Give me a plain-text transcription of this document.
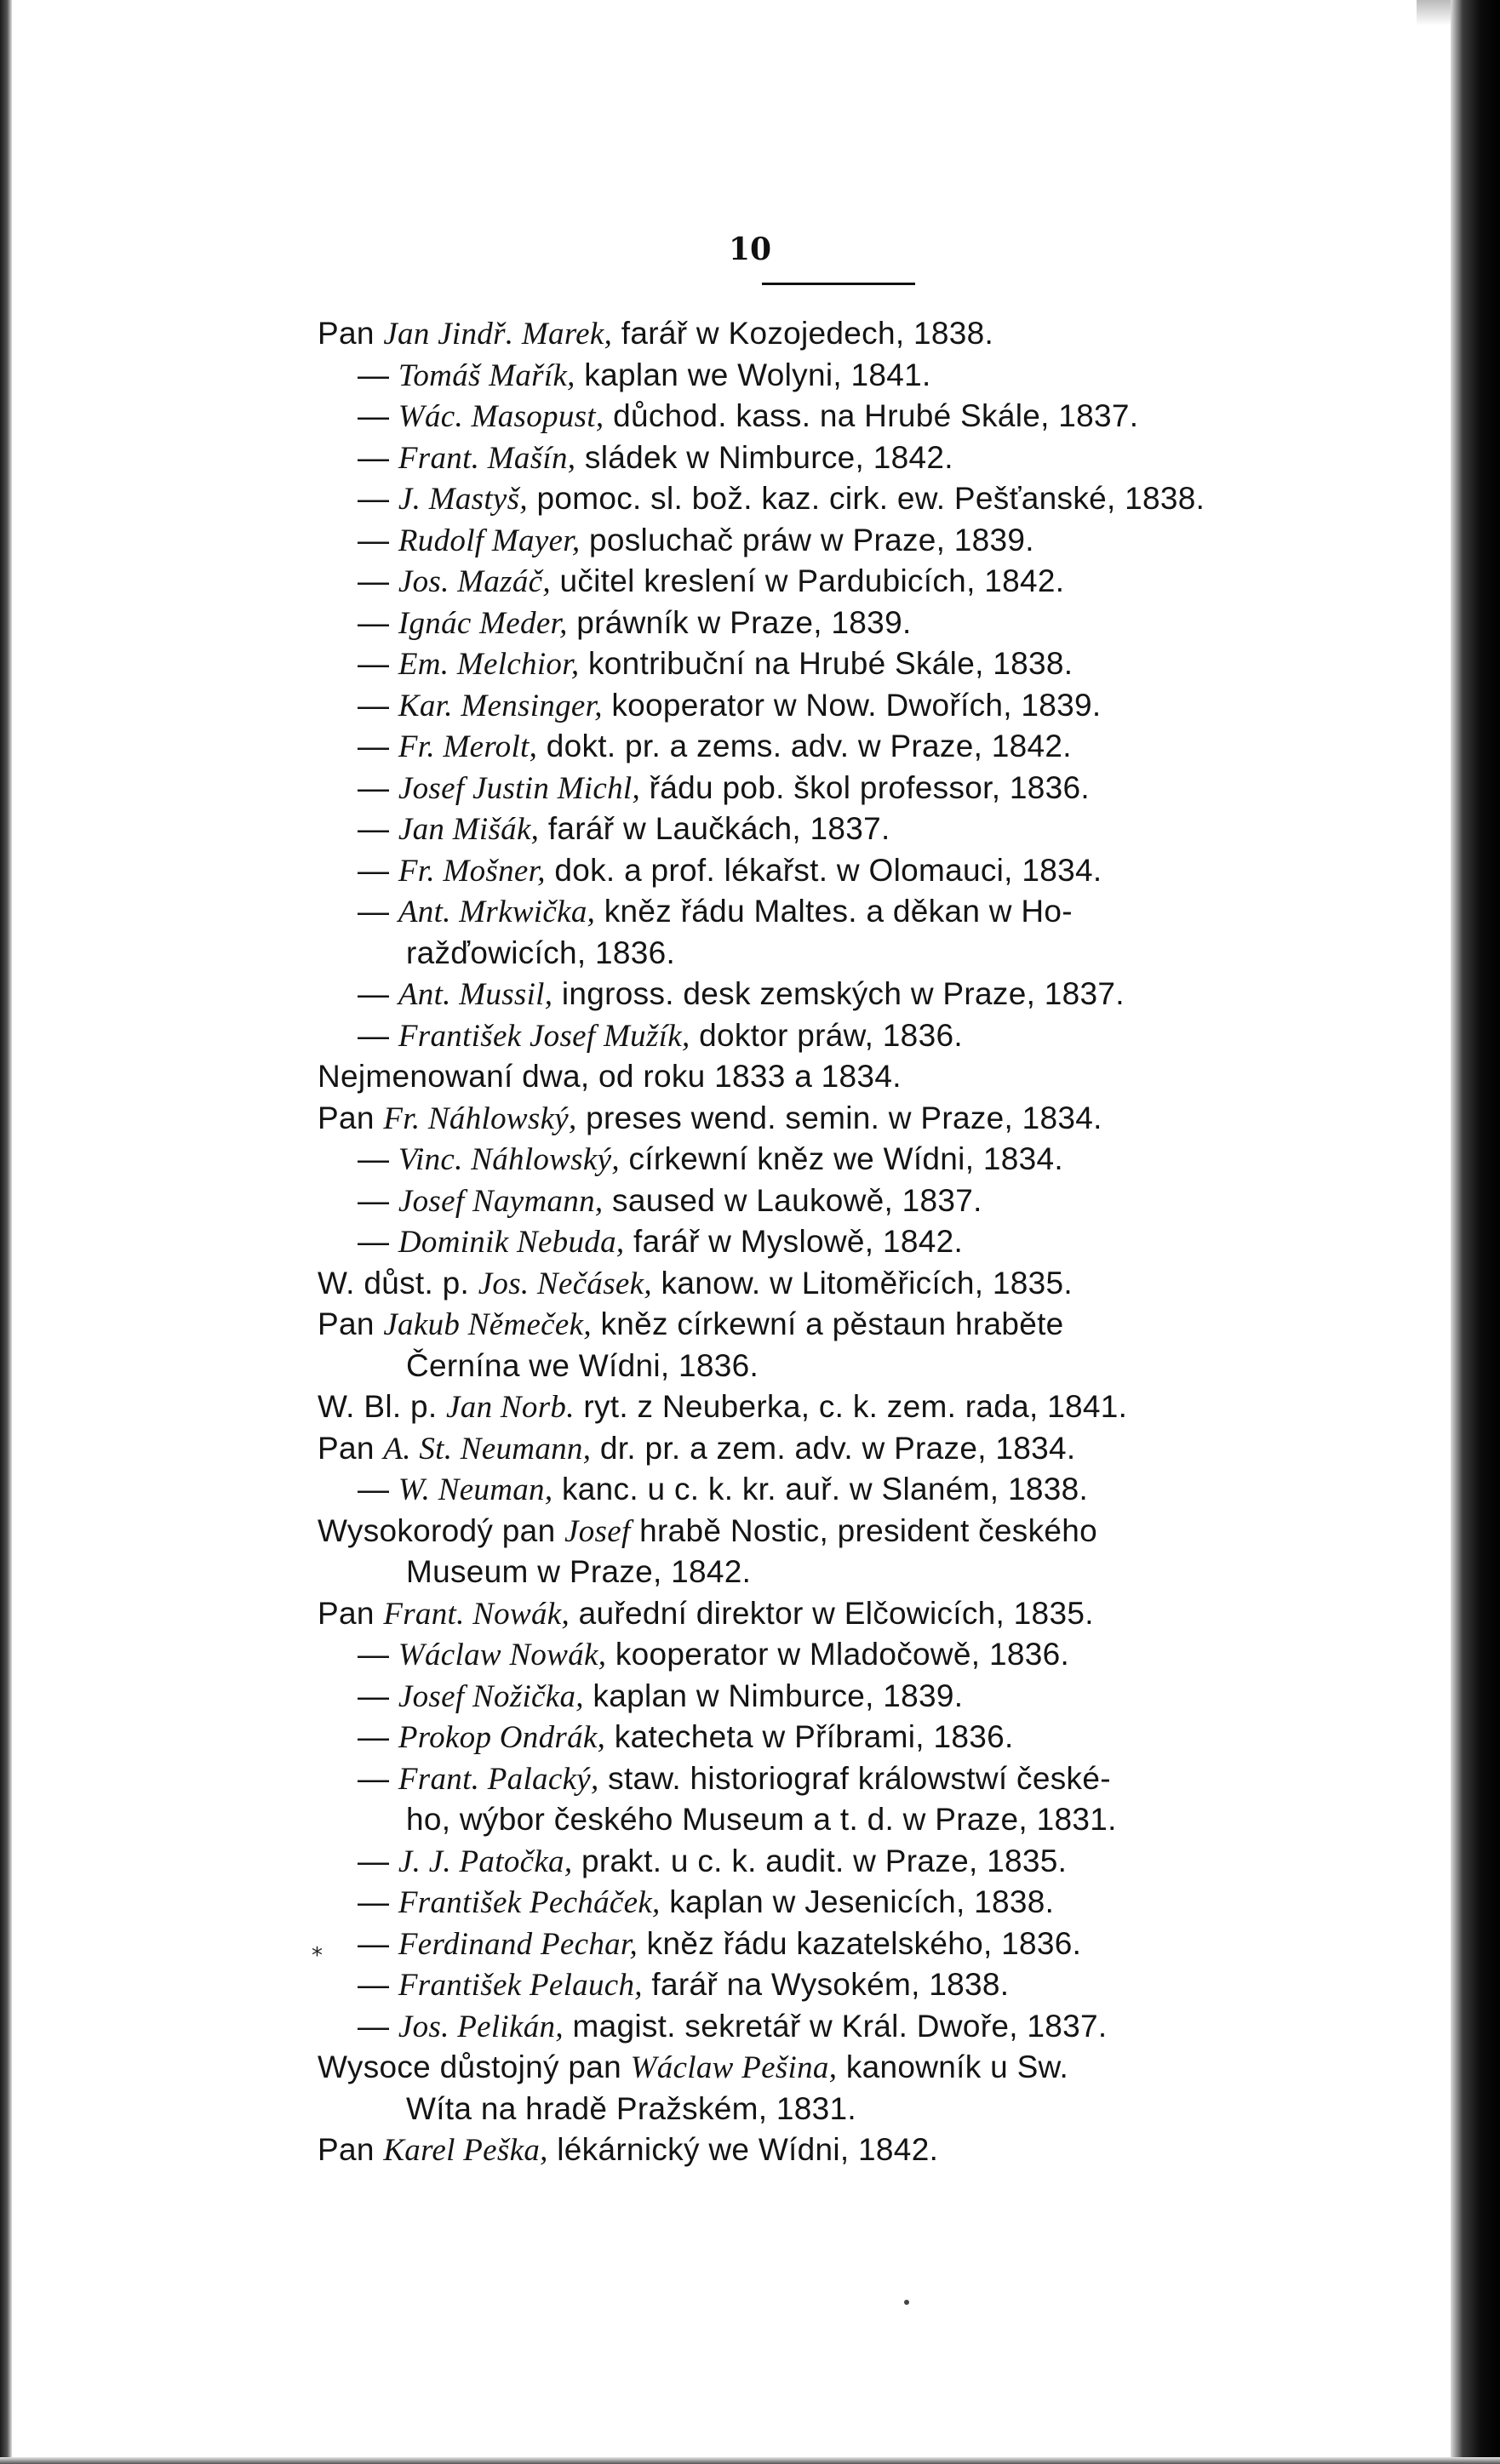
10
Pan Jan Jindř. Marek, farář w Kozojedech, 1838.
— Tomáš Mařík, kaplan we Wolyni, 1841.
— Wác. Masopust, důchod. kass. na Hrubé Skále, 1837.
— Frant. Mašín, sládek w Nimburce, 1842.
— J. Mastyš, pomoc. sl. bož. kaz. cirk. ew. Pešťanské, 1838.
— Rudolf Mayer, posluchač práw w Praze, 1839.
— Jos. Mazáč, učitel kreslení w Pardubicích, 1842.
— Ignác Meder, práwník w Praze, 1839.
— Em. Melchior, kontribuční na Hrubé Skále, 1838.
— Kar. Mensinger, kooperator w Now. Dwořích, 1839.
— Fr. Merolt, dokt. pr. a zems. adv. w Praze, 1842.
— Josef Justin Michl, řádu pob. škol professor, 1836.
— Jan Mišák, farář w Laučkách, 1837.
— Fr. Mošner, dok. a prof. lékařst. w Olomauci, 1834.
— Ant. Mrkwička, kněz řádu Maltes. a děkan w Ho-
ražďowicích, 1836.
— Ant. Mussil, ingross. desk zemských w Praze, 1837.
— František Josef Mužík, doktor práw, 1836.
Nejmenowaní dwa, od roku 1833 a 1834.
Pan Fr. Náhlowský, preses wend. semin. w Praze, 1834.
— Vinc. Náhlowský, církewní kněz we Wídni, 1834.
— Josef Naymann, saused w Laukowě, 1837.
— Dominik Nebuda, farář w Myslowě, 1842.
W. důst. p. Jos. Nečásek, kanow. w Litoměřicích, 1835.
Pan Jakub Němeček, kněz církewní a pěstaun hraběte
Černína we Wídni, 1836.
W. Bl. p. Jan Norb. ryt. z Neuberka, c. k. zem. rada, 1841.
Pan A. St. Neumann, dr. pr. a zem. adv. w Praze, 1834.
— W. Neuman, kanc. u c. k. kr. auř. w Slaném, 1838.
Wysokorodý pan Josef hrabě Nostic, president českého
Museum w Praze, 1842.
Pan Frant. Nowák, auřední direktor w Elčowicích, 1835.
— Wáclaw Nowák, kooperator w Mladočowě, 1836.
— Josef Nožička, kaplan w Nimburce, 1839.
— Prokop Ondrák, katecheta w Příbrami, 1836.
— Frant. Palacký, staw. historiograf králowstwí české-
ho, wýbor českého Museum a t. d. w Praze, 1831.
— J. J. Patočka, prakt. u c. k. audit. w Praze, 1835.
— František Pecháček, kaplan w Jesenicích, 1838.
— Ferdinand Pechar, kněz řádu kazatelského, 1836.
— František Pelauch, farář na Wysokém, 1838.
— Jos. Pelikán, magist. sekretář w Král. Dwoře, 1837.
Wysoce důstojný pan Wáclaw Pešina, kanowník u Sw.
Wíta na hradě Pražském, 1831.
Pan Karel Peška, lékárnický we Wídni, 1842.
*
